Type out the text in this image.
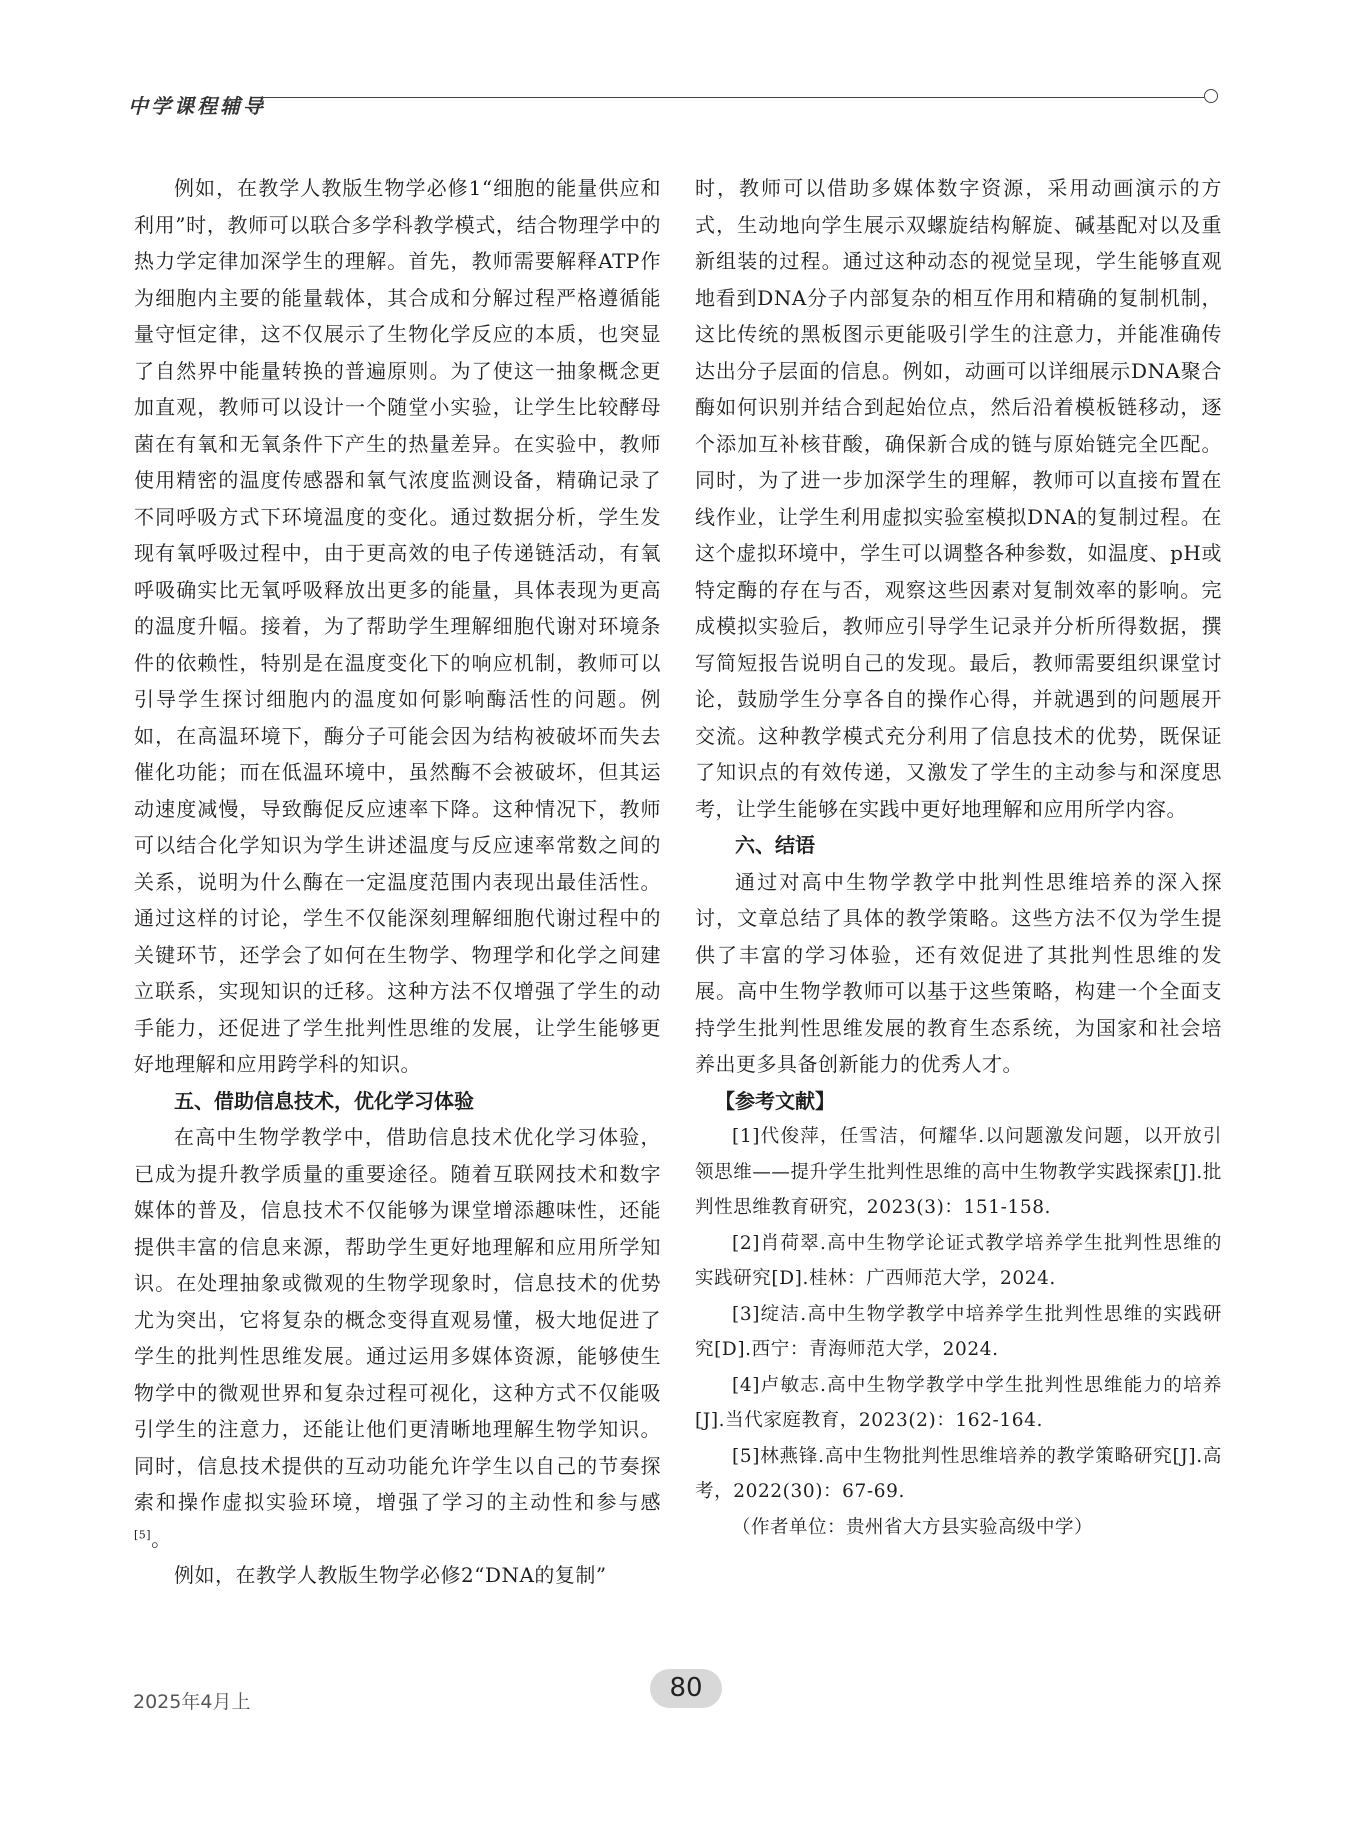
中学课程辅导

例如，在教学人教版生物学必修1“细胞的能量供应和利用”时，教师可以联合多学科教学模式，结合物理学中的热力学定律加深学生的理解。首先，教师需要解释ATP作为细胞内主要的能量载体，其合成和分解过程严格遵循能量守恒定律，这不仅展示了生物化学反应的本质，也突显了自然界中能量转换的普遍原则。为了使这一抽象概念更加直观，教师可以设计一个随堂小实验，让学生比较酵母菌在有氧和无氧条件下产生的热量差异。在实验中，教师使用精密的温度传感器和氧气浓度监测设备，精确记录了不同呼吸方式下环境温度的变化。通过数据分析，学生发现有氧呼吸过程中，由于更高效的电子传递链活动，有氧呼吸确实比无氧呼吸释放出更多的能量，具体表现为更高的温度升幅。接着，为了帮助学生理解细胞代谢对环境条件的依赖性，特别是在温度变化下的响应机制，教师可以引导学生探讨细胞内的温度如何影响酶活性的问题。例如，在高温环境下，酶分子可能会因为结构被破坏而失去催化功能；而在低温环境中，虽然酶不会被破坏，但其运动速度减慢，导致酶促反应速率下降。这种情况下，教师可以结合化学知识为学生讲述温度与反应速率常数之间的关系，说明为什么酶在一定温度范围内表现出最佳活性。通过这样的讨论，学生不仅能深刻理解细胞代谢过程中的关键环节，还学会了如何在生物学、物理学和化学之间建立联系，实现知识的迁移。这种方法不仅增强了学生的动手能力，还促进了学生批判性思维的发展，让学生能够更好地理解和应用跨学科的知识。

五、借助信息技术，优化学习体验

在高中生物学教学中，借助信息技术优化学习体验，已成为提升教学质量的重要途径。随着互联网技术和数字媒体的普及，信息技术不仅能够为课堂增添趣味性，还能提供丰富的信息来源，帮助学生更好地理解和应用所学知识。在处理抽象或微观的生物学现象时，信息技术的优势尤为突出，它将复杂的概念变得直观易懂，极大地促进了学生的批判性思维发展。通过运用多媒体资源，能够使生物学中的微观世界和复杂过程可视化，这种方式不仅能吸引学生的注意力，还能让他们更清晰地理解生物学知识。同时，信息技术提供的互动功能允许学生以自己的节奏探索和操作虚拟实验环境，增强了学习的主动性和参与感[5]。

例如，在教学人教版生物学必修2“DNA的复制”

时，教师可以借助多媒体数字资源，采用动画演示的方式，生动地向学生展示双螺旋结构解旋、碱基配对以及重新组装的过程。通过这种动态的视觉呈现，学生能够直观地看到DNA分子内部复杂的相互作用和精确的复制机制，这比传统的黑板图示更能吸引学生的注意力，并能准确传达出分子层面的信息。例如，动画可以详细展示DNA聚合酶如何识别并结合到起始位点，然后沿着模板链移动，逐个添加互补核苷酸，确保新合成的链与原始链完全匹配。同时，为了进一步加深学生的理解，教师可以直接布置在线作业，让学生利用虚拟实验室模拟DNA的复制过程。在这个虚拟环境中，学生可以调整各种参数，如温度、pH或特定酶的存在与否，观察这些因素对复制效率的影响。完成模拟实验后，教师应引导学生记录并分析所得数据，撰写简短报告说明自己的发现。最后，教师需要组织课堂讨论，鼓励学生分享各自的操作心得，并就遇到的问题展开交流。这种教学模式充分利用了信息技术的优势，既保证了知识点的有效传递，又激发了学生的主动参与和深度思考，让学生能够在实践中更好地理解和应用所学内容。

六、结语

通过对高中生物学教学中批判性思维培养的深入探讨，文章总结了具体的教学策略。这些方法不仅为学生提供了丰富的学习体验，还有效促进了其批判性思维的发展。高中生物学教师可以基于这些策略，构建一个全面支持学生批判性思维发展的教育生态系统，为国家和社会培养出更多具备创新能力的优秀人才。

【参考文献】

[1]代俊萍，任雪洁，何耀华.以问题激发问题，以开放引领思维——提升学生批判性思维的高中生物教学实践探索[J].批判性思维教育研究，2023(3)：151-158.

[2]肖荷翠.高中生物学论证式教学培养学生批判性思维的实践研究[D].桂林：广西师范大学，2024.

[3]绽洁.高中生物学教学中培养学生批判性思维的实践研究[D].西宁：青海师范大学，2024.

[4]卢敏志.高中生物学教学中学生批判性思维能力的培养[J].当代家庭教育，2023(2)：162-164.

[5]林燕锋.高中生物批判性思维培养的教学策略研究[J].高考，2022(30)：67-69.

（作者单位：贵州省大方县实验高级中学）

2025年4月上	80
